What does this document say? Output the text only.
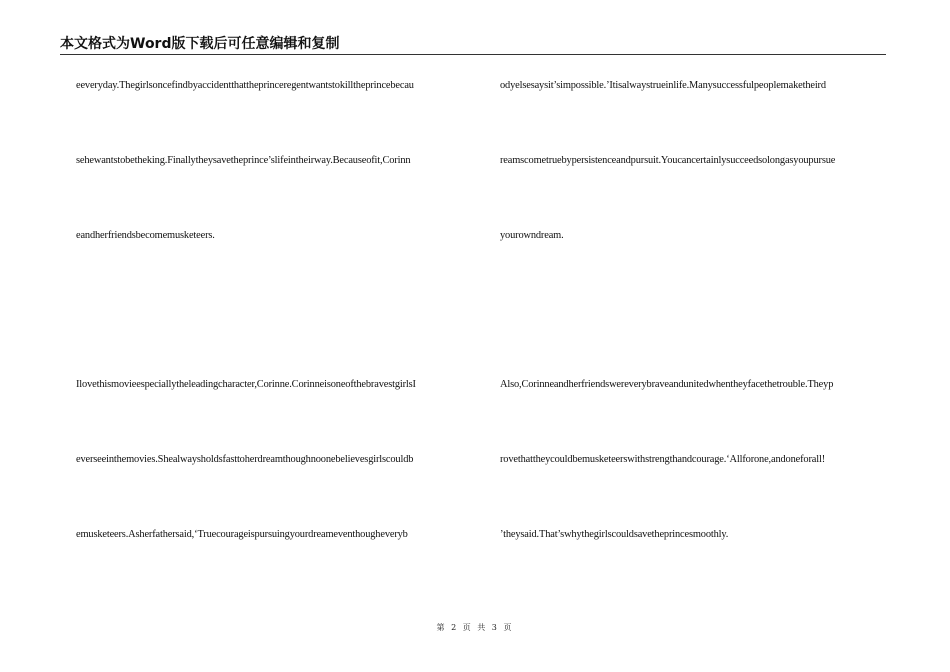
本文格式为Word版下载后可任意编辑和复制
eeveryday.Thegirlsoncefindbyaccidentthattheprinceregentwantstokilltheprincebecau
sehewantstobetheking.Finallytheysavetheprince’slifeintheirway.Becauseofit,Corinn
eandherfriendsbecomemusketeers.
Ilovethismovieespeciallytheleadingcharacter,Corinne.CorinneisoneofthebravestgirlsI
everseeinthemovies.Shealwaysholdsfasttoherdreamthoughnoonebelievesgirlscouldb
emusketeers.Asherfathersaid,‘Truecourageispursuingyourdreameventhougheveryb
odyelsesaysit’simpossible.’Itisalwaystrueinlife.Manysuccessfulpeoplemaketheird
reamscometruebypersistenceandpursuit.Youcancertainlysucceedsolongasyoupursue
yourowndream.
Also,Corinneandherfriendswereverybraveandunitedwhenthеyfacethetrouble.Theyp
rovethattheycouldbemusketeerswithstrengthandcourage.‘Allforone,andoneforall!
’theysaid.That’swhythegirlscouldsavetheprincesmoothly.
第 2 页 共 3 页
